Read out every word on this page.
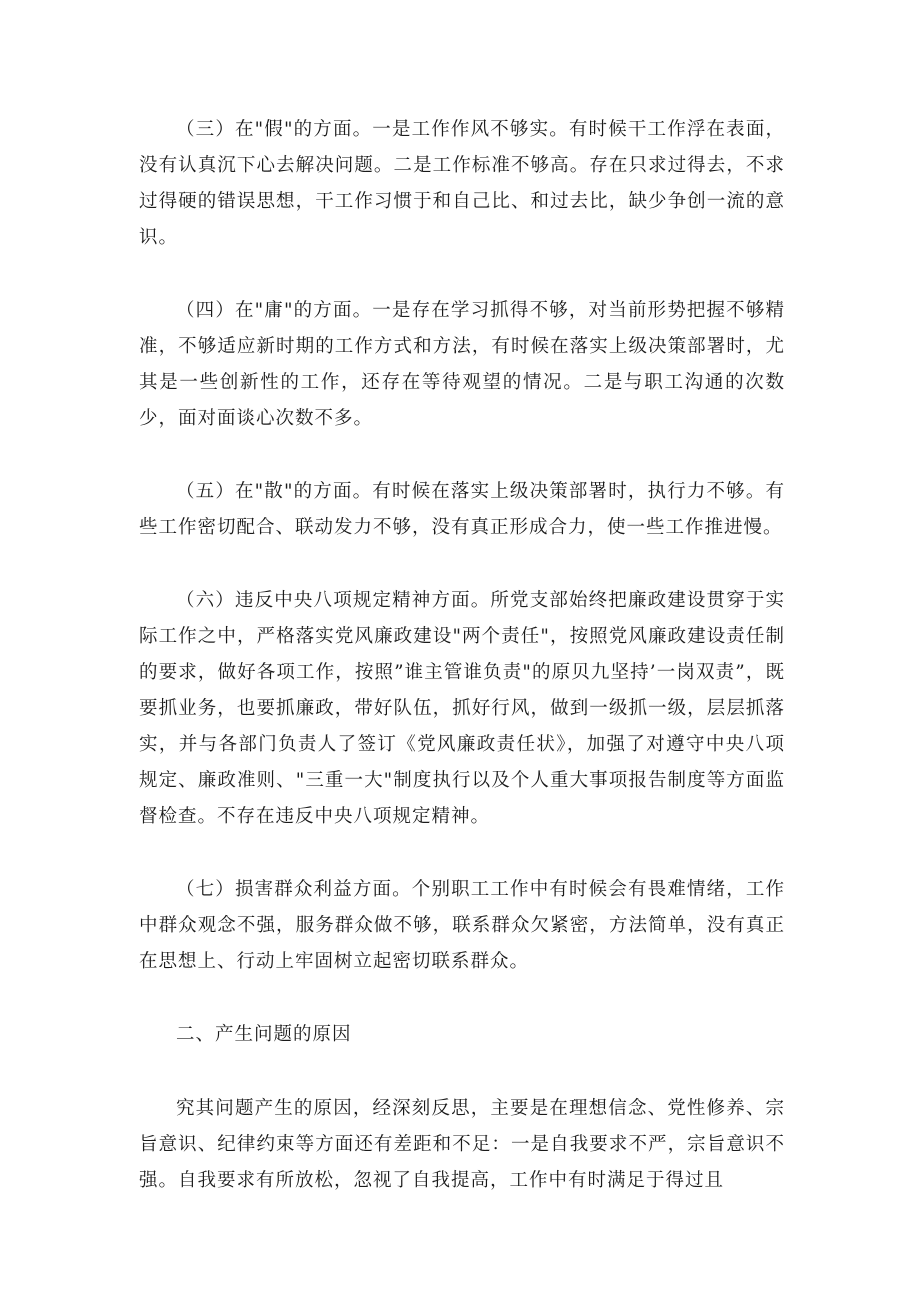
（三）在"假"的方面。一是工作作风不够实。有时候干工作浮在表面，没有认真沉下心去解决问题。二是工作标准不够高。存在只求过得去，不求过得硬的错误思想，干工作习惯于和自己比、和过去比，缺少争创一流的意识。

（四）在"庸"的方面。一是存在学习抓得不够，对当前形势把握不够精准，不够适应新时期的工作方式和方法，有时候在落实上级决策部署时，尤其是一些创新性的工作，还存在等待观望的情况。二是与职工沟通的次数少，面对面谈心次数不多。

（五）在"散"的方面。有时候在落实上级决策部署时，执行力不够。有些工作密切配合、联动发力不够，没有真正形成合力，使一些工作推进慢。

（六）违反中央八项规定精神方面。所党支部始终把廉政建设贯穿于实际工作之中，严格落实党风廉政建设"两个责任"，按照党风廉政建设责任制的要求，做好各项工作，按照”谁主管谁负责"的原贝九坚持’一岗双责”，既要抓业务，也要抓廉政，带好队伍，抓好行风，做到一级抓一级，层层抓落实，并与各部门负责人了签订《党风廉政责任状》，加强了对遵守中央八项规定、廉政准则、"三重一大"制度执行以及个人重大事项报告制度等方面监督检查。不存在违反中央八项规定精神。

（七）损害群众利益方面。个别职工工作中有时候会有畏难情绪，工作中群众观念不强，服务群众做不够，联系群众欠紧密，方法简单，没有真正在思想上、行动上牢固树立起密切联系群众。

二、产生问题的原因

究其问题产生的原因，经深刻反思，主要是在理想信念、党性修养、宗旨意识、纪律约束等方面还有差距和不足：一是自我要求不严，宗旨意识不强。自我要求有所放松，忽视了自我提高，工作中有时满足于得过且
